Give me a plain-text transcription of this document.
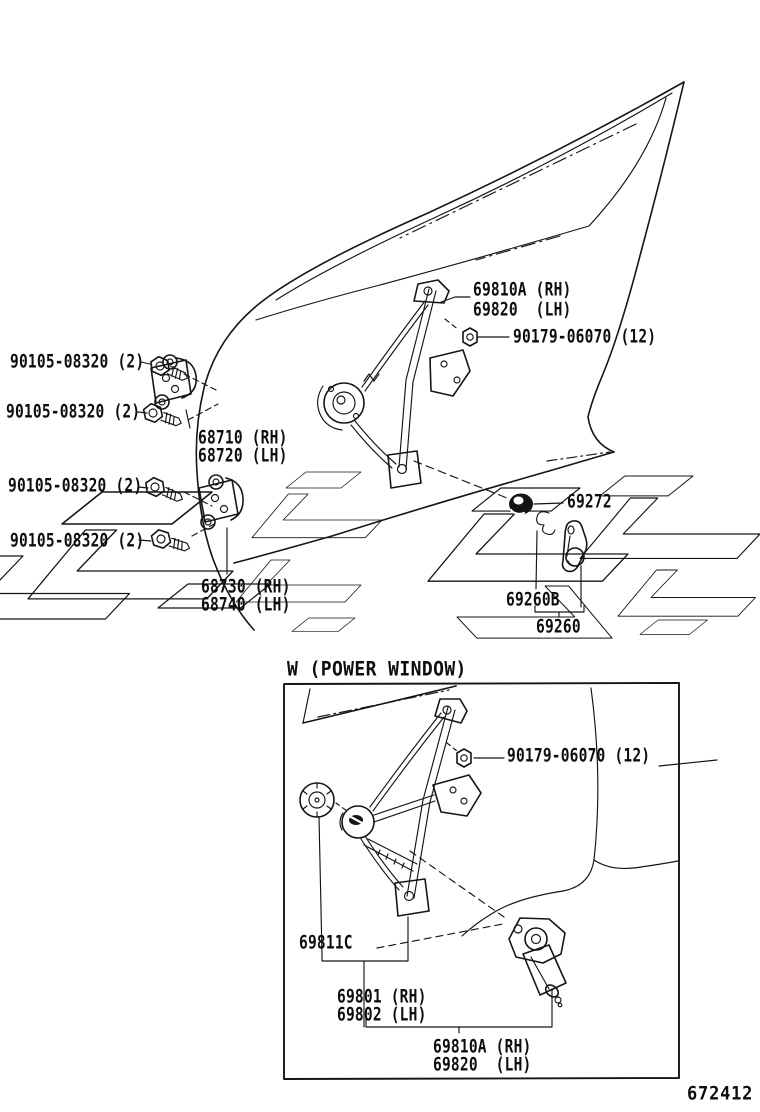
69810A (RH)
69820  (LH)
90179-06070 (12)
90105-08320 (2)
90105-08320 (2)
68710 (RH)
68720 (LH)
90105-08320 (2)
90105-08320 (2)
68730 (RH)
68740 (LH)
69272
69260B
69260
W (POWER WINDOW)
90179-06070 (12)
69811C
69801 (RH)
69802 (LH)
69810A (RH)
69820  (LH)
672412
